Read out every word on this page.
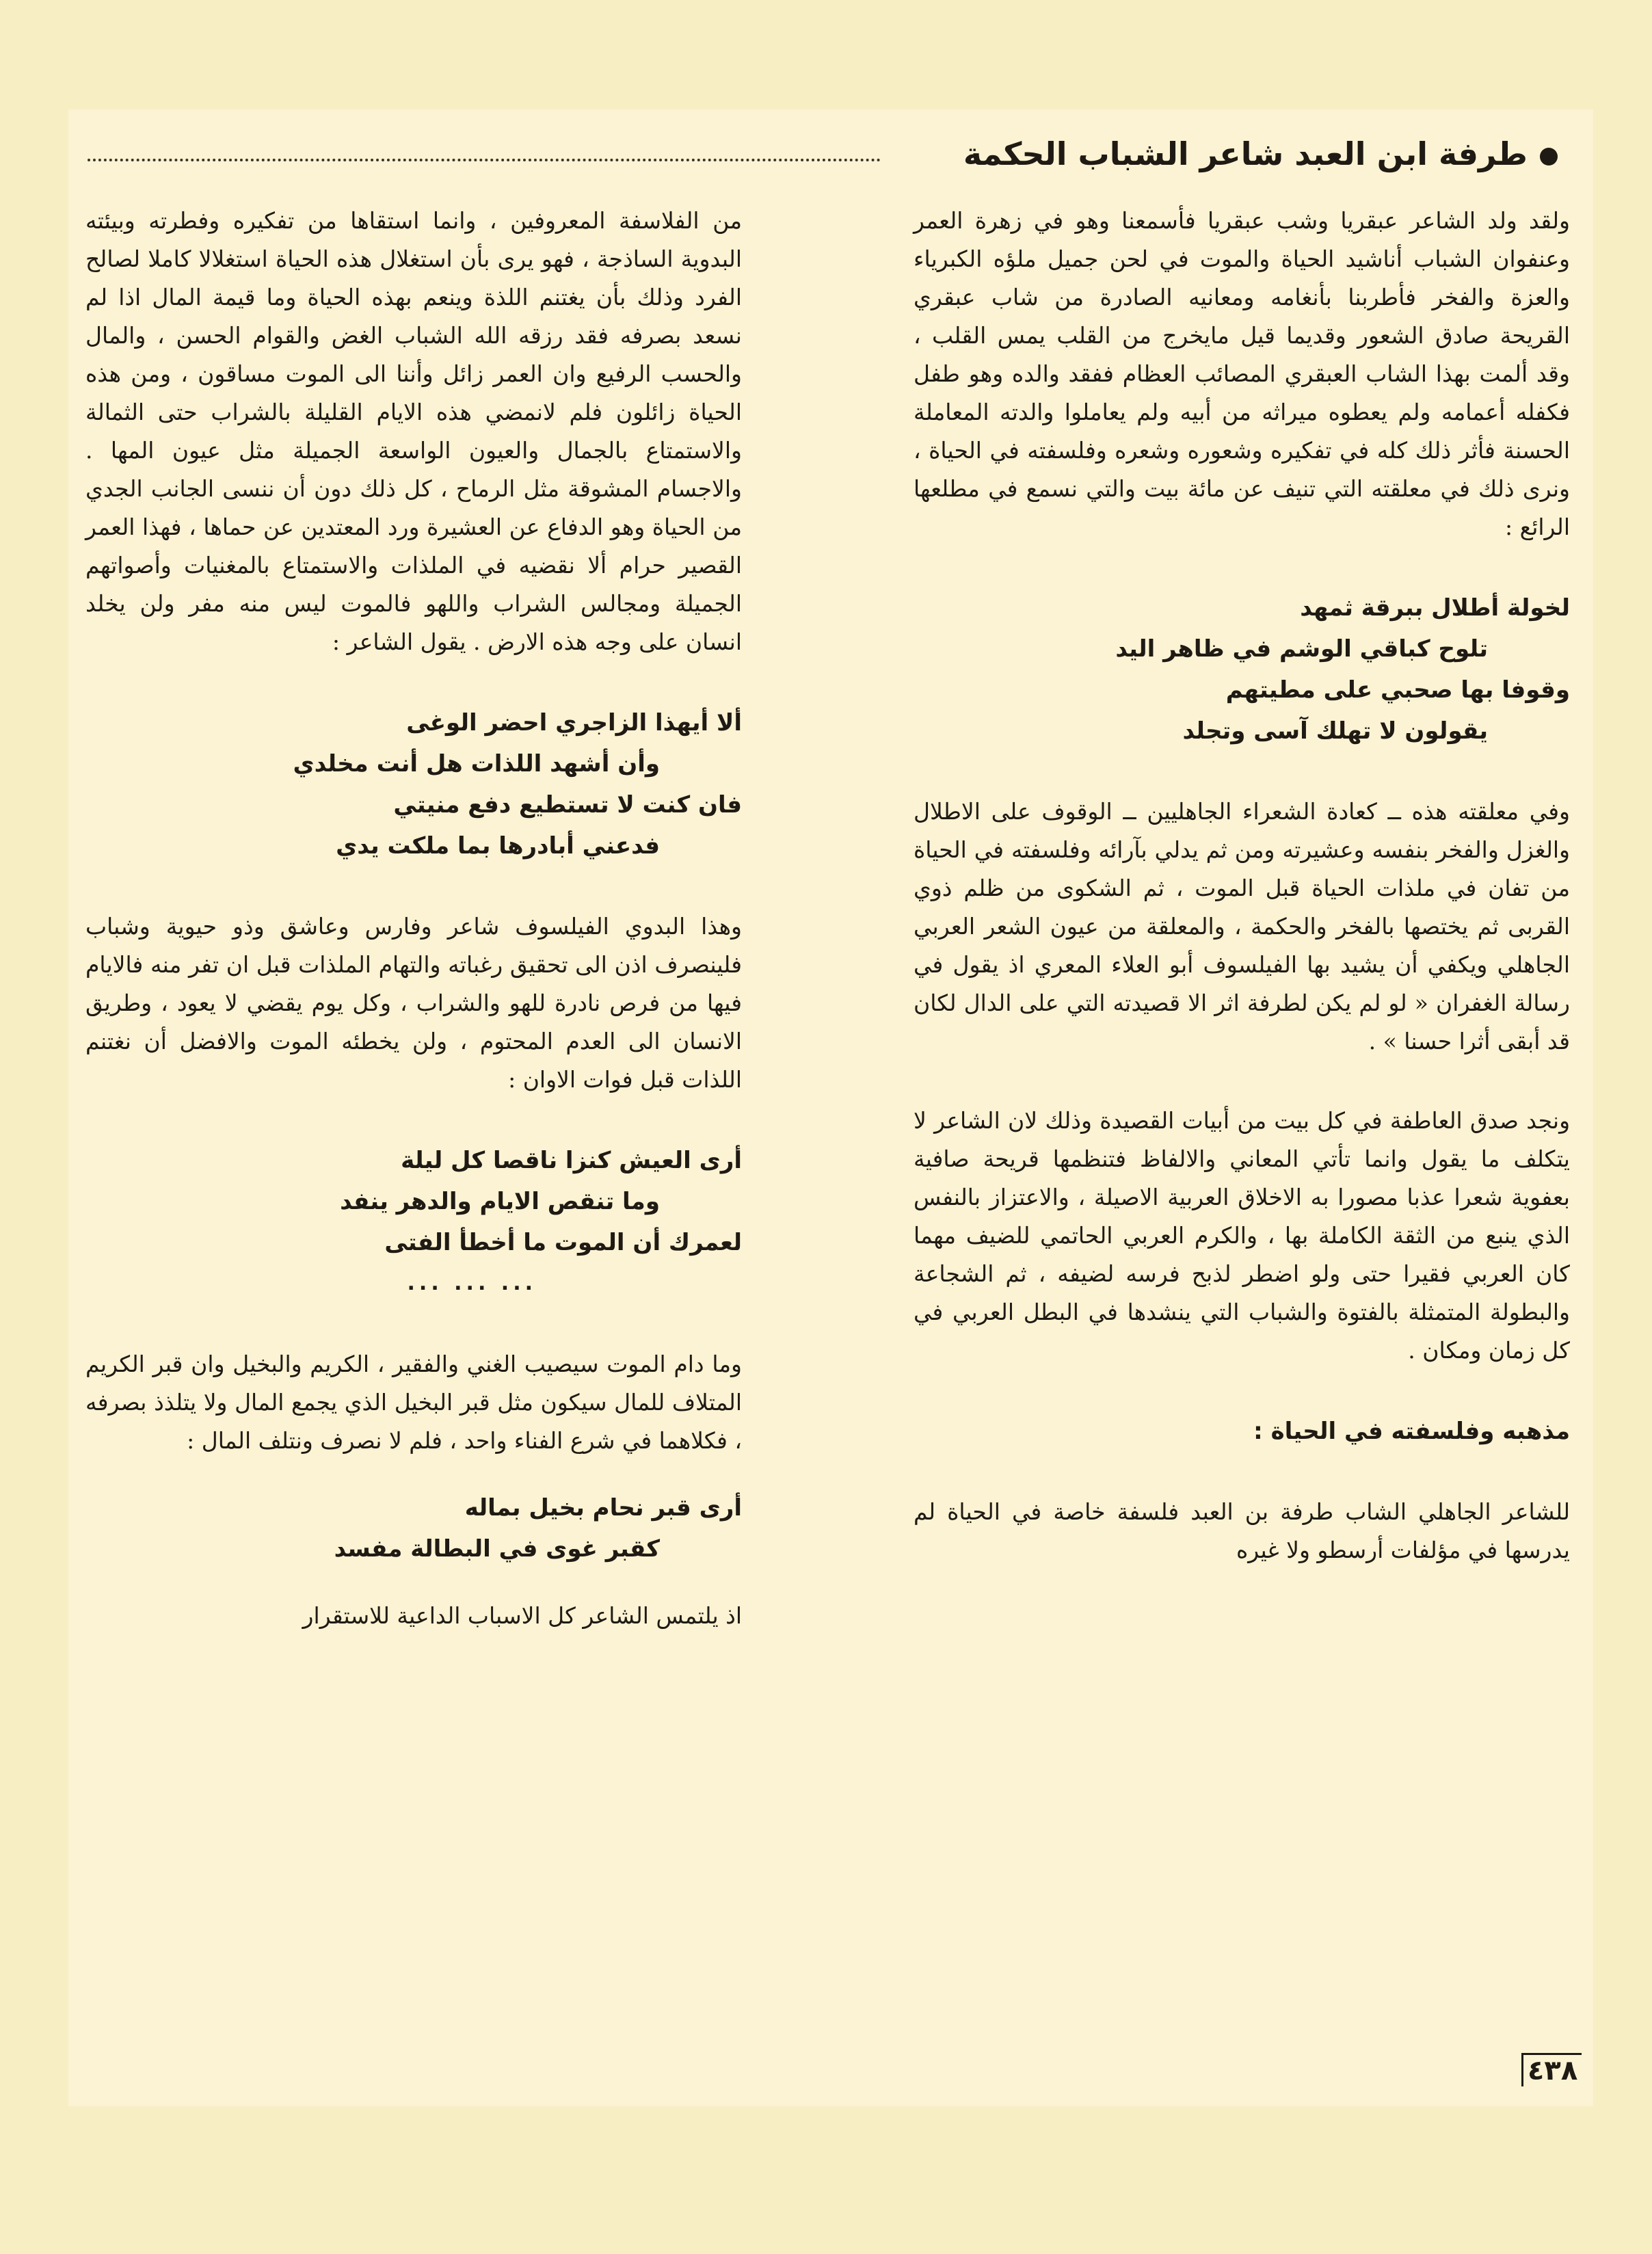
طرفة ابن العبد شاعر الشباب الحكمة

ولقد ولد الشاعر عبقريا وشب عبقريا فأسمعنا وهو في زهرة العمر وعنفوان الشباب أناشيد الحياة والموت في لحن جميل ملؤه الكبرياء والعزة والفخر فأطربنا بأنغامه ومعانيه الصادرة من شاب عبقري القريحة صادق الشعور وقديما قيل مايخرج من القلب يمس القلب ، وقد ألمت بهذا الشاب العبقري المصائب العظام ففقد والده وهو طفل فكفله أعمامه ولم يعطوه ميراثه من أبيه ولم يعاملوا والدته المعاملة الحسنة فأثر ذلك كله في تفكيره وشعوره وشعره وفلسفته في الحياة ، ونرى ذلك في معلقته التي تنيف عن مائة بيت والتي نسمع في مطلعها الرائع :

لخولة أطلال ببرقة ثمهد
تلوح كباقي الوشم في ظاهر اليد
وقوفا بها صحبي على مطيتهم
يقولون لا تهلك آسى وتجلد

وفي معلقته هذه ــ كعادة الشعراء الجاهليين ــ الوقوف على الاطلال والغزل والفخر بنفسه وعشيرته ومن ثم يدلي بآرائه وفلسفته في الحياة من تفان في ملذات الحياة قبل الموت ، ثم الشكوى من ظلم ذوي القربى ثم يختصها بالفخر والحكمة ، والمعلقة من عيون الشعر العربي الجاهلي ويكفي أن يشيد بها الفيلسوف أبو العلاء المعري اذ يقول في رسالة الغفران « لو لم يكن لطرفة اثر الا قصيدته التي على الدال لكان قد أبقى أثرا حسنا » .

ونجد صدق العاطفة في كل بيت من أبيات القصيدة وذلك لان الشاعر لا يتكلف ما يقول وانما تأتي المعاني والالفاظ فتنظمها قريحة صافية بعفوية شعرا عذبا مصورا به الاخلاق العربية الاصيلة ، والاعتزاز بالنفس الذي ينبع من الثقة الكاملة بها ، والكرم العربي الحاتمي للضيف مهما كان العربي فقيرا حتى ولو اضطر لذبح فرسه لضيفه ، ثم الشجاعة والبطولة المتمثلة بالفتوة والشباب التي ينشدها في البطل العربي في كل زمان ومكان .

مذهبه وفلسفته في الحياة :

للشاعر الجاهلي الشاب طرفة بن العبد فلسفة خاصة في الحياة لم يدرسها في مؤلفات أرسطو ولا غيره

من الفلاسفة المعروفين ، وانما استقاها من تفكيره وفطرته وبيئته البدوية الساذجة ، فهو يرى بأن استغلال هذه الحياة استغلالا كاملا لصالح الفرد وذلك بأن يغتنم اللذة وينعم بهذه الحياة وما قيمة المال اذا لم نسعد بصرفه فقد رزقه الله الشباب الغض والقوام الحسن ، والمال والحسب الرفيع وان العمر زائل وأننا الى الموت مساقون ، ومن هذه الحياة زائلون فلم لانمضي هذه الايام القليلة بالشراب حتى الثمالة والاستمتاع بالجمال والعيون الواسعة الجميلة مثل عيون المها . والاجسام المشوقة مثل الرماح ، كل ذلك دون أن ننسى الجانب الجدي من الحياة وهو الدفاع عن العشيرة ورد المعتدين عن حماها ، فهذا العمر القصير حرام ألا نقضيه في الملذات والاستمتاع بالمغنيات وأصواتهم الجميلة ومجالس الشراب واللهو فالموت ليس منه مفر ولن يخلد انسان على وجه هذه الارض . يقول الشاعر :

ألا أيهذا الزاجري احضر الوغى
وأن أشهد اللذات هل أنت مخلدي
فان كنت لا تستطيع دفع منيتي
فدعني أبادرها بما ملكت يدي

وهذا البدوي الفيلسوف شاعر وفارس وعاشق وذو حيوية وشباب فلينصرف اذن الى تحقيق رغباته والتهام الملذات قبل ان تفر منه فالايام فيها من فرص نادرة للهو والشراب ، وكل يوم يقضي لا يعود ، وطريق الانسان الى العدم المحتوم ، ولن يخطئه الموت والافضل أن نغتنم اللذات قبل فوات الاوان :

أرى العيش كنزا ناقصا كل ليلة
وما تنقص الايام والدهر ينفد
لعمرك أن الموت ما أخطأ الفتى
... ... ...

وما دام الموت سيصيب الغني والفقير ، الكريم والبخيل وان قبر الكريم المتلاف للمال سيكون مثل قبر البخيل الذي يجمع المال ولا يتلذذ بصرفه ، فكلاهما في شرع الفناء واحد ، فلم لا نصرف ونتلف المال :

أرى قبر نحام بخيل بماله
كقبر غوى في البطالة مفسد

اذ يلتمس الشاعر كل الاسباب الداعية للاستقرار

٤٣٨
